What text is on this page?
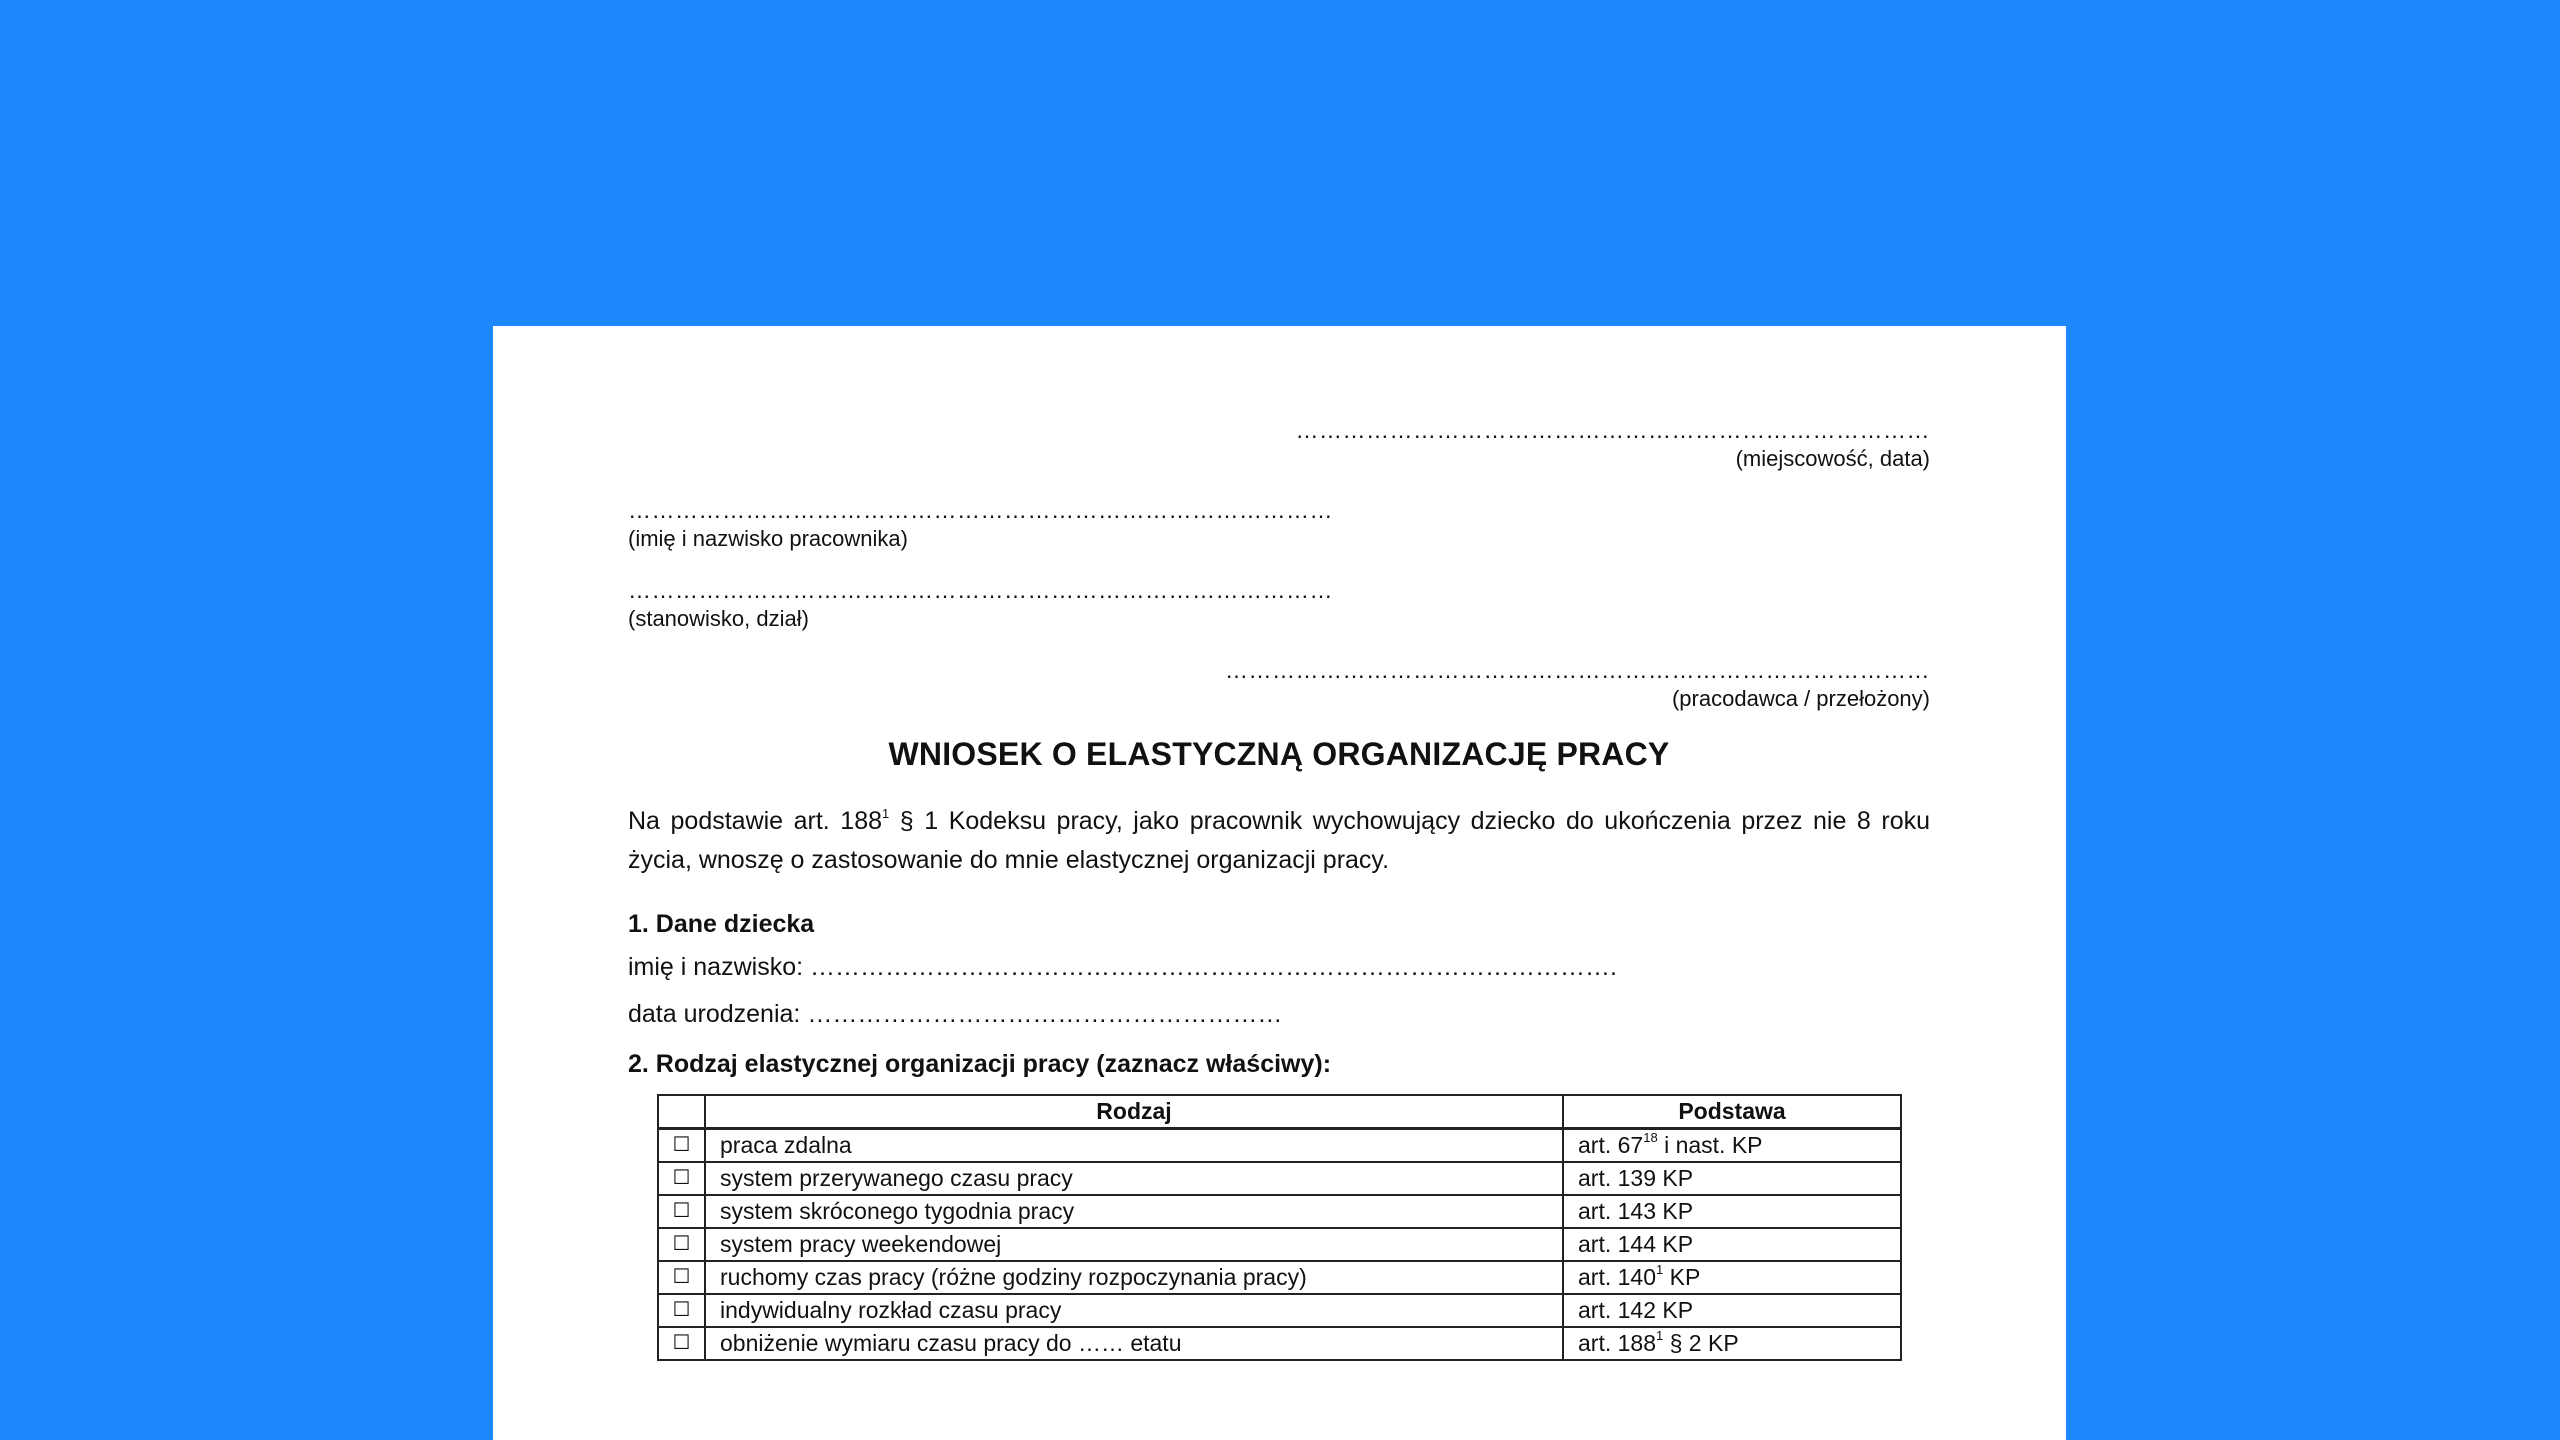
………………………………………………………………………
(miejscowość, data)
………………………………………………………………………………
(imię i nazwisko pracownika)
………………………………………………………………………………
(stanowisko, dział)
………………………………………………………………………………
(pracodawca / przełożony)
WNIOSEK O ELASTYCZNĄ ORGANIZACJĘ PRACY
Na podstawie art. $188^1$ § 1 Kodeksu pracy, jako pracownik wychowujący dziecko do ukończenia przez nie 8 roku życia, wnoszę o zastosowanie do mnie elastycznej organizacji pracy.
1. Dane dziecka
imię i nazwisko: …………………………………………………………………………………….
data urodzenia: …………………………………………………
2. Rodzaj elastycznej organizacji pracy (zaznacz właściwy):
	Rodzaj	Podstawa
☐	praca zdalna	art. $67^{18}$ i nast. KP
☐	system przerywanego czasu pracy	art. 139 KP
☐	system skróconego tygodnia pracy	art. 143 KP
☐	system pracy weekendowej	art. 144 KP
☐	ruchomy czas pracy (różne godziny rozpoczynania pracy)	art. $140^1$ KP
☐	indywidualny rozkład czasu pracy	art. 142 KP
☐	obniżenie wymiaru czasu pracy do …… etatu	art. $188^1$ § 2 KP
